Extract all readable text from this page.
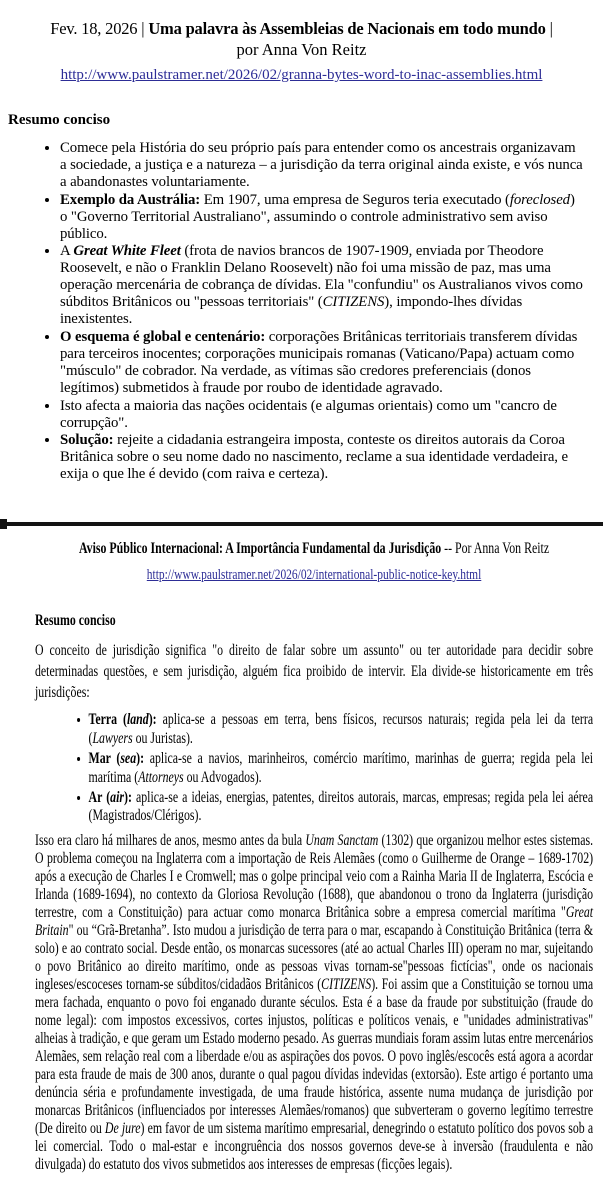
Fev. 18, 2026 | Uma palavra às Assembleias de Nacionais em todo mundo |
por Anna Von Reitz
http://www.paulstramer.net/2026/02/granna-bytes-word-to-inac-assemblies.html
Resumo conciso
• Comece pela História do seu próprio país para entender como os ancestrais organizavam a sociedade, a justiça e a natureza – a jurisdição da terra original ainda existe, e vós nunca a abandonastes voluntariamente.
• Exemplo da Austrália: Em 1907, uma empresa de Seguros teria executado (foreclosed) o "Governo Territorial Australiano", assumindo o controle administrativo sem aviso público.
• A Great White Fleet (frota de navios brancos de 1907-1909, enviada por Theodore Roosevelt, e não o Franklin Delano Roosevelt) não foi uma missão de paz, mas uma operação mercenária de cobrança de dívidas. Ela "confundiu" os Australianos vivos como súbditos Britânicos ou "pessoas territoriais" (CITIZENS), impondo-lhes dívidas inexistentes.
• O esquema é global e centenário: corporações Britânicas territoriais transferem dívidas para terceiros inocentes; corporações municipais romanas (Vaticano/Papa) actuam como "músculo" de cobrador. Na verdade, as vítimas são credores preferenciais (donos legítimos) submetidos à fraude por roubo de identidade agravado.
• Isto afecta a maioria das nações ocidentais (e algumas orientais) como um "cancro de corrupção".
• Solução: rejeite a cidadania estrangeira imposta, conteste os direitos autorais da Coroa Britânica sobre o seu nome dado no nascimento, reclame a sua identidade verdadeira, e exija o que lhe é devido (com raiva e certeza).
Aviso Público Internacional: A Importância Fundamental da Jurisdição -- Por Anna Von Reitz
http://www.paulstramer.net/2026/02/international-public-notice-key.html
Resumo conciso

O conceito de jurisdição significa "o direito de falar sobre um assunto" ou ter autoridade para decidir sobre determinadas questões, e sem jurisdição, alguém fica proibido de intervir. Ela divide-se historicamente em três jurisdições:

• Terra (land): aplica-se a pessoas em terra, bens físicos, recursos naturais; regida pela lei da terra (Lawyers ou Juristas).
• Mar (sea): aplica-se a navios, marinheiros, comércio marítimo, marinhas de guerra; regida pela lei marítima (Attorneys ou Advogados).
• Ar (air): aplica-se a ideias, energias, patentes, direitos autorais, marcas, empresas; regida pela lei aérea (Magistrados/Clérigos).

Isso era claro há milhares de anos, mesmo antes da bula Unam Sanctam (1302) que organizou melhor estes sistemas. O problema começou na Inglaterra com a importação de Reis Alemães (como o Guilherme de Orange – 1689-1702) após a execução de Charles I e Cromwell; mas o golpe principal veio com a Rainha Maria II de Inglaterra, Escócia e Irlanda (1689-1694), no contexto da Gloriosa Revolução (1688), que abandonou o trono da Inglaterra (jurisdição terrestre, com a Constituição) para actuar como monarca Britânica sobre a empresa comercial marítima "Great Britain" ou “Grã-Bretanha”. Isto mudou a jurisdição de terra para o mar, escapando à Constituição Britânica (terra & solo) e ao contrato social. Desde então, os monarcas sucessores (até ao actual Charles III) operam no mar, sujeitando o povo Britânico ao direito marítimo, onde as pessoas vivas tornam-se"pessoas fictícias", onde os nacionais ingleses/escoceses tornam-se súbditos/cidadãos Britânicos (CITIZENS). Foi assim que a Constituição se tornou uma mera fachada, enquanto o povo foi enganado durante séculos. Esta é a base da fraude por substituição (fraude do nome legal): com impostos excessivos, cortes injustos, políticas e políticos venais, e "unidades administrativas" alheias à tradição, e que geram um Estado moderno pesado. As guerras mundiais foram assim lutas entre mercenários Alemães, sem relação real com a liberdade e/ou as aspirações dos povos. O povo inglês/escocês está agora a acordar para esta fraude de mais de 300 anos, durante o qual pagou dívidas indevidas (extorsão). Este artigo é portanto uma denúncia séria e profundamente investigada, de uma fraude histórica, assente numa mudança de jurisdição por monarcas Britânicos (influenciados por interesses Alemães/romanos) que subverteram o governo legítimo terrestre (De direito ou De jure) em favor de um sistema marítimo empresarial, denegrindo o estatuto político dos povos sob a lei comercial. Todo o mal-estar e incongruência dos nossos governos deve-se à inversão (fraudulenta e não divulgada) do estatuto dos vivos submetidos aos interesses de empresas (ficções legais).
